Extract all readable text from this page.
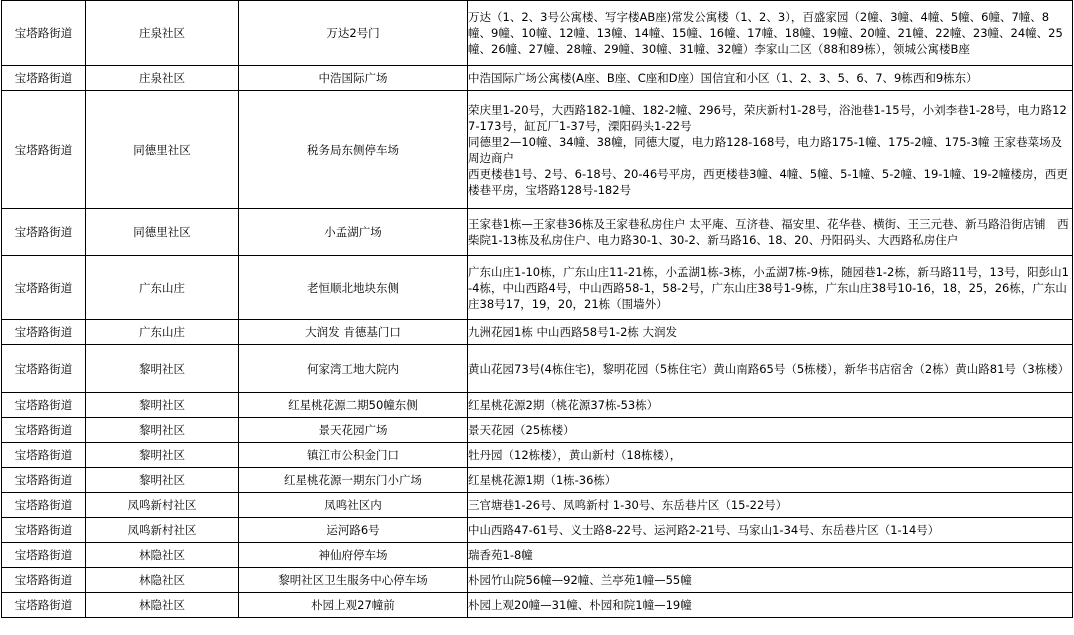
宝塔路街道	庄泉社区	万达2号门	万达（1、2、3号公寓楼、写字楼AB座)常发公寓楼（1、2、3），百盛家园（2幢、3幢、4幢、5幢、6幢、7幢、8幢、9幢、10幢、12幢、13幢、14幢、15幢、16幢、17幢、18幢、19幢、20幢、21幢、22幢、23幢、24幢、25幢、26幢、27幢、28幢、29幢、30幢、31幢、32幢）李家山二区（88和89栋），领城公寓楼B座

宝塔路街道	庄泉社区	中浩国际广场	中浩国际广场公寓楼(A座、B座、C座和D座）国信宜和小区（1、2、3、5、6、7、9栋西和9栋东）

宝塔路街道	同德里社区	税务局东侧停车场	荣庆里1-20号，大西路182-1幢、182-2幢、296号，荣庆新村1-28号，浴池巷1-15号，小刘李巷1-28号，电力路127-173号，缸瓦厂1-37号，溧阳码头1-22号
同德里2—10幢、34幢、38幢，同德大厦，电力路128-168号，电力路175-1幢、175-2幢、175-3幢 王家巷菜场及周边商户
西更楼巷1号、2号、6-18号、20-46号平房，西更楼巷3幢、4幢、5幢、5-1幢、5-2幢、19-1幢、19-2幢楼房，西更楼巷平房，宝塔路128号-182号

宝塔路街道	同德里社区	小孟湖广场	王家巷1栋—王家巷36栋及王家巷私房住户 太平庵、互济巷、福安里、花华巷、横街、王三元巷、新马路沿街店铺　西柴院1-13栋及私房住户、电力路30-1、30-2、新马路16、18、20、丹阳码头、大西路私房住户

宝塔路街道	广东山庄	老恒顺北地块东侧	广东山庄1-10栋，广东山庄11-21栋，小孟湖1栋-3栋，小孟湖7栋-9栋，随园巷1-2栋，新马路11号，13号，阳彭山1-4栋，中山西路4号，中山西路58-1，58-2号，广东山庄38号1-9栋，广东山庄38号10-16，18，25，26栋，广东山庄38号17，19，20，21栋（围墙外）

宝塔路街道	广东山庄	大润发 肯德基门口	九洲花园1栋 中山西路58号1-2栋 大润发

宝塔路街道	黎明社区	何家湾工地大院内	黄山花园73号(4栋住宅)，黎明花园（5栋住宅）黄山南路65号（5栋楼），新华书店宿舍（2栋）黄山路81号（3栋楼）

宝塔路街道	黎明社区	红星桃花源二期50幢东侧	红星桃花源2期（桃花源37栋-53栋）

宝塔路街道	黎明社区	景天花园广场	景天花园（25栋楼）

宝塔路街道	黎明社区	镇江市公积金门口	牡丹园（12栋楼），黄山新村（18栋楼），

宝塔路街道	黎明社区	红星桃花源一期东门小广场	红星桃花源1期（1栋-36栋）

宝塔路街道	凤鸣新村社区	凤鸣社区内	三官塘巷1-26号、凤鸣新村 1-30号、东岳巷片区（15-22号）

宝塔路街道	凤鸣新村社区	运河路6号	中山西路47-61号、义士路8-22号、运河路2-21号、马家山1-34号、东岳巷片区（1-14号）

宝塔路街道	林隐社区	神仙府停车场	瑞香苑1-8幢

宝塔路街道	林隐社区	黎明社区卫生服务中心停车场	朴园竹山院56幢—92幢、兰亭苑1幢—55幢

宝塔路街道	林隐社区	朴园上观27幢前	朴园上观20幢—31幢、朴园和院1幢—19幢
